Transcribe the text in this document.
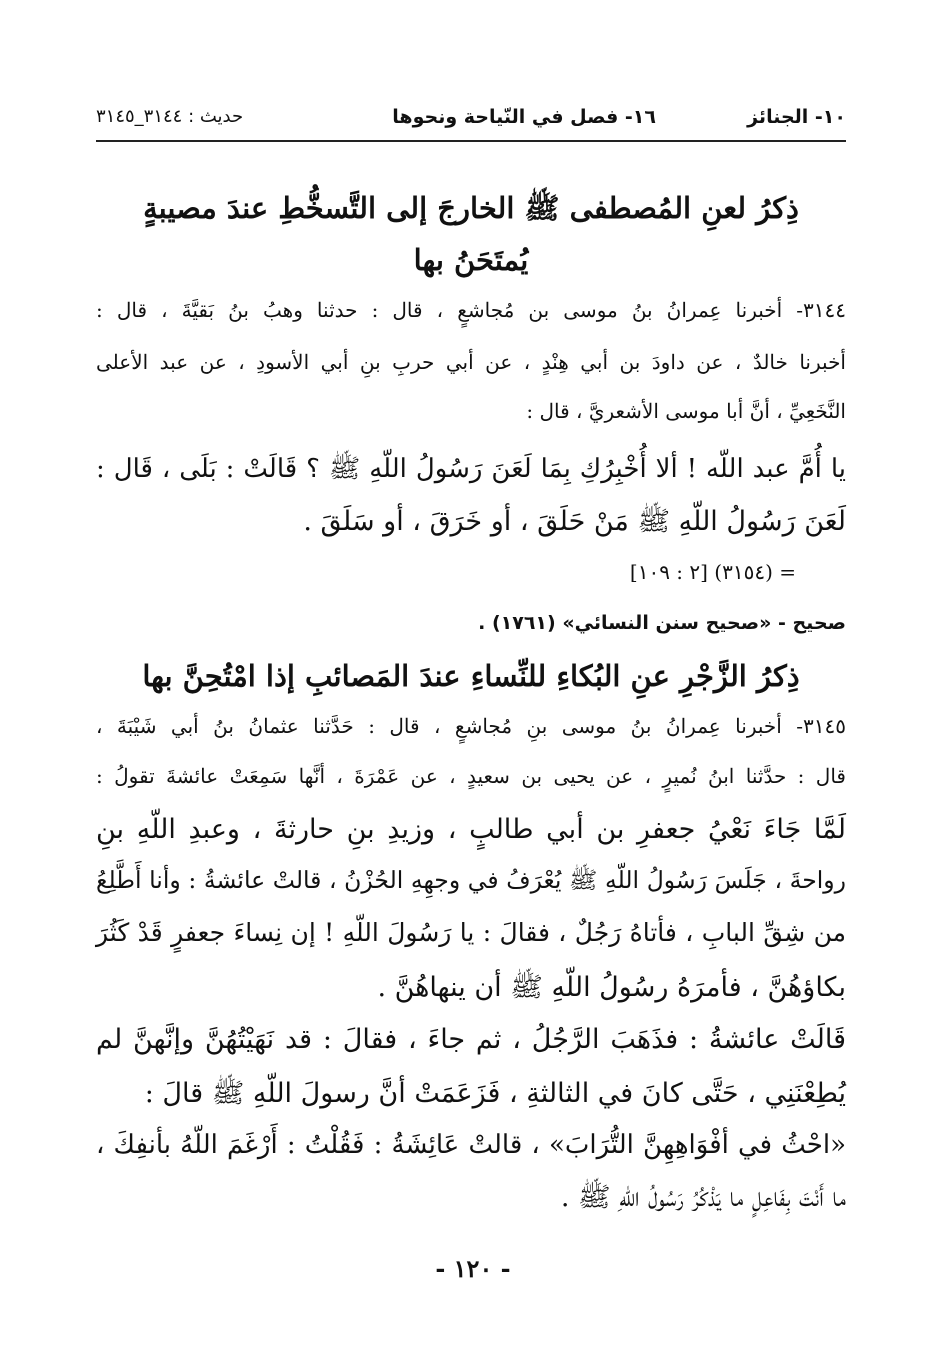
١٠- الجنائز
١٦- فصل في النّياحة ونحوها
حديث : ٣١٤٤_٣١٤٥
ذِكرُ لعنِ المُصطفى ﷺ الخارجَ إلى التَّسخُّطِ عندَ مصيبةٍ
يُمتَحَنُ بها
٣١٤٤- أخبرنا عِمرانُ بنُ موسى بن مُجاشعٍ ، قال : حدثنا وهبُ بنُ بَقيَّةَ ، قال :
أخبرنا خالدٌ ، عن داودَ بن أبي هِنْدٍ ، عن أبي حربِ بنِ أبي الأسودِ ، عن عبد الأعلى
النَّخَعِيِّ ، أنَّ أبا موسى الأشعريَّ ، قال :
يا أُمَّ عبد اللّه ! ألا أُخْبِرُكِ بِمَا لَعَنَ رَسُولُ اللّهِ ﷺ ؟ قَالَتْ : بَلَى ، قَال :
لَعَنَ رَسُولُ اللّهِ ﷺ مَنْ حَلَقَ ، أو خَرَقَ ، أو سَلَقَ .
= (٣١٥٤) [٢ : ١٠٩]
صحيح - «صحيح سنن النسائي» (١٧٦١) .
ذِكرُ الزَّجْرِ عنِ البُكاءِ للنِّساءِ عندَ المَصائبِ إذا امْتُحِنَّ بها
٣١٤٥- أخبرنا عِمرانُ بنُ موسى بنِ مُجاشعٍ ، قال : حَدَّثنا عثمانُ بنُ أبي شَيْبَةَ ،
قال : حدَّثنا ابنُ نُميرٍ ، عن يحيى بن سعيدٍ ، عن عَمْرَةَ ، أنَّها سَمِعَتْ عائشةَ تقولُ :
لَمَّا جَاءَ نَعْيُ جعفرِ بن أبي طالبٍ ، وزيدِ بنِ حارثةَ ، وعبدِ اللّهِ بنِ
رواحةَ ، جَلَسَ رَسُولُ اللّهِ ﷺ يُعْرَفُ في وجهِهِ الحُزْنُ ، قالتْ عائشةُ : وأنا أَطَّلِعُ
من شِقِّ البابِ ، فأتاهُ رَجُلٌ ، فقالَ : يا رَسُولَ اللّهِ ! إن نِساءَ جعفرٍ قَدْ كَثُرَ
بكاؤهُنَّ ، فأمرَهُ رسُولُ اللّهِ ﷺ أن ينهاهُنَّ .
قَالَتْ عائشةُ : فذَهَبَ الرَّجُلُ ، ثم جاءَ ، فقالَ : قد نَهَيْتُهُنَّ وإنَّهنَّ لم
يُطِعْنَنِي ، حَتَّى كانَ في الثالثةِ ، فَزَعَمَتْ أنَّ رسولَ اللّهِ ﷺ قالَ :
«احْثُ في أفْوَاهِهِنَّ التُّرَابَ» ، قالتْ عَائِشَةُ : فَقُلْتُ : أَرْغَمَ اللّهُ بأنفِكَ ،
ما أَنْتَ بِفَاعِلٍ ما يَذْكُرُ رَسُولُ اللّهِ ﷺ .
- ١٢٠ -
